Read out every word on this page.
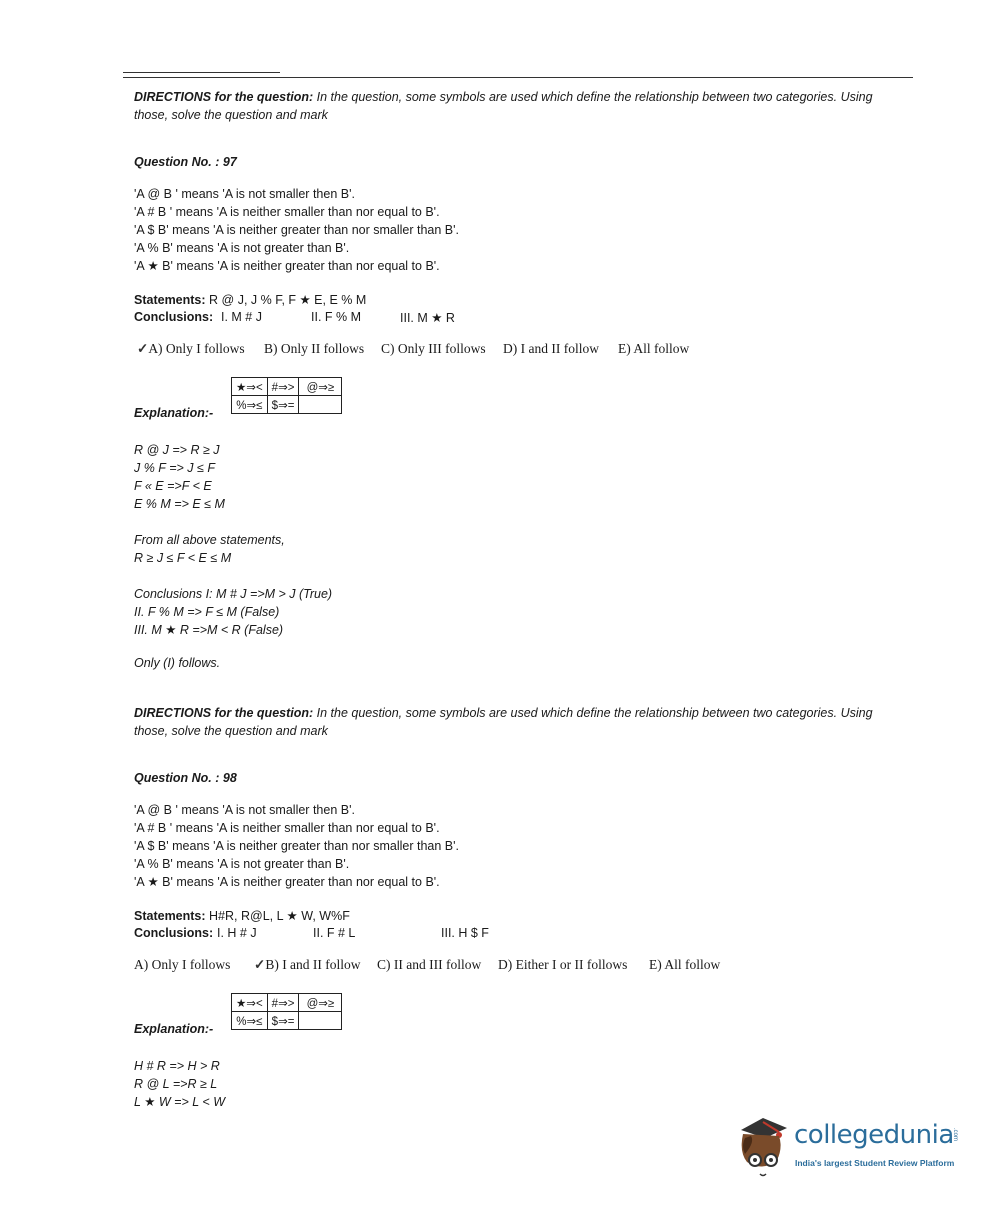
DIRECTIONS for the question: In the question, some symbols are used which define the relationship between two categories. Using those, solve the question and mark
Question No. : 97
'A @ B ' means 'A is not smaller then B'.
'A # B ' means 'A is neither smaller than nor equal to B'.
'A $ B' means 'A is neither greater than nor smaller than B'.
'A % B' means 'A is not greater than B'.
'A ★ B' means 'A is neither greater than nor equal to B'.
Statements: R @ J, J % F, F ★ E, E % M
Conclusions: I. M # J	II. F % M	III. M ★ R
✓A) Only I follows B) Only II follows C) Only III follows D) I and II follow E) All follow
★⇒<	#⇒>	@⇒≥
%⇒≤	$⇒=	
Explanation:-
R @ J => R ≥ J
J % F => J ≤ F
F « E =>F < E
E % M => E ≤ M
From all above statements,
R ≥ J ≤ F < E ≤ M
Conclusions I: M # J =>M > J (True)
II. F % M => F ≤ M (False)
III. M ★ R =>M < R (False)
Only (I) follows.
DIRECTIONS for the question: In the question, some symbols are used which define the relationship between two categories. Using those, solve the question and mark
Question No. : 98
'A @ B ' means 'A is not smaller then B'.
'A # B ' means 'A is neither smaller than nor equal to B'.
'A $ B' means 'A is neither greater than nor smaller than B'.
'A % B' means 'A is not greater than B'.
'A ★ B' means 'A is neither greater than nor equal to B'.
Statements: H#R, R@L, L ★ W, W%F
Conclusions: I. H # J	II. F # L	III. H $ F
A) Only I follows ✓B) I and II follow C) II and III follow D) Either I or II follows E) All follow
★⇒<	#⇒>	@⇒≥
%⇒≤	$⇒=	
Explanation:-
H # R => H > R
R @ L =>R ≥ L
L ★ W => L < W
collegedunia
.com
India's largest Student Review Platform
